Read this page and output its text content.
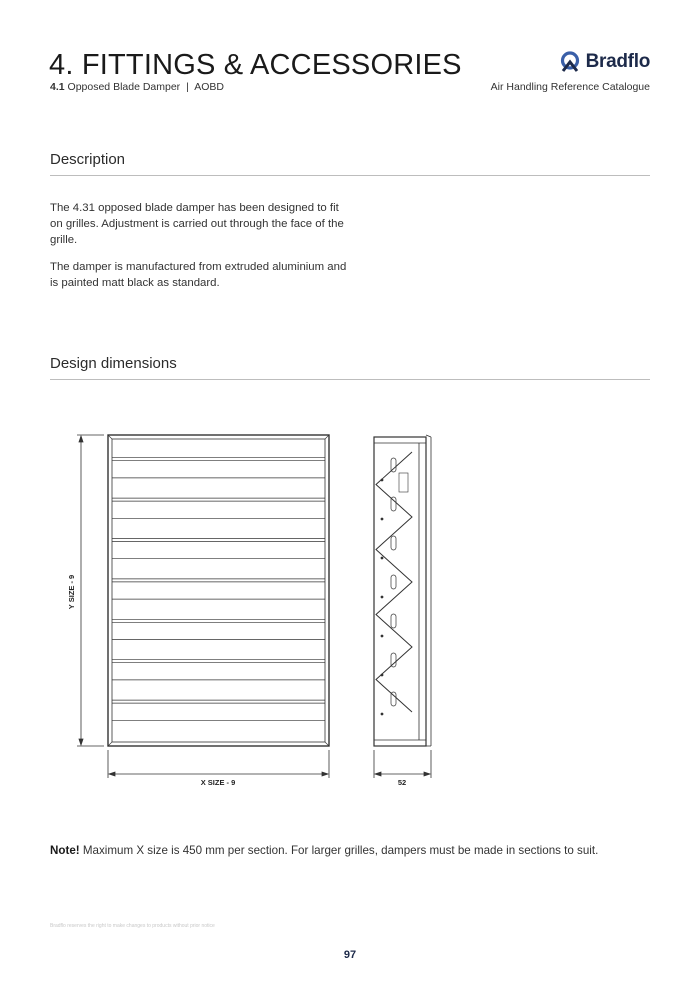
4. FITTINGS & ACCESSORIES
4.1 Opposed Blade Damper | AOBD
Bradflo
Air Handling Reference Catalogue
Description
The 4.31 opposed blade damper has been designed to fit on grilles. Adjustment is carried out through the face of the grille.
The damper is manufactured from extruded aluminium and is painted matt black as standard.
Design dimensions
Y SIZE - 9
X SIZE - 9	52
Note! Maximum X size is 450 mm per section. For larger grilles, dampers must be made in sections to suit.
Bradflo reserves the right to make changes to products without prior notice
97
